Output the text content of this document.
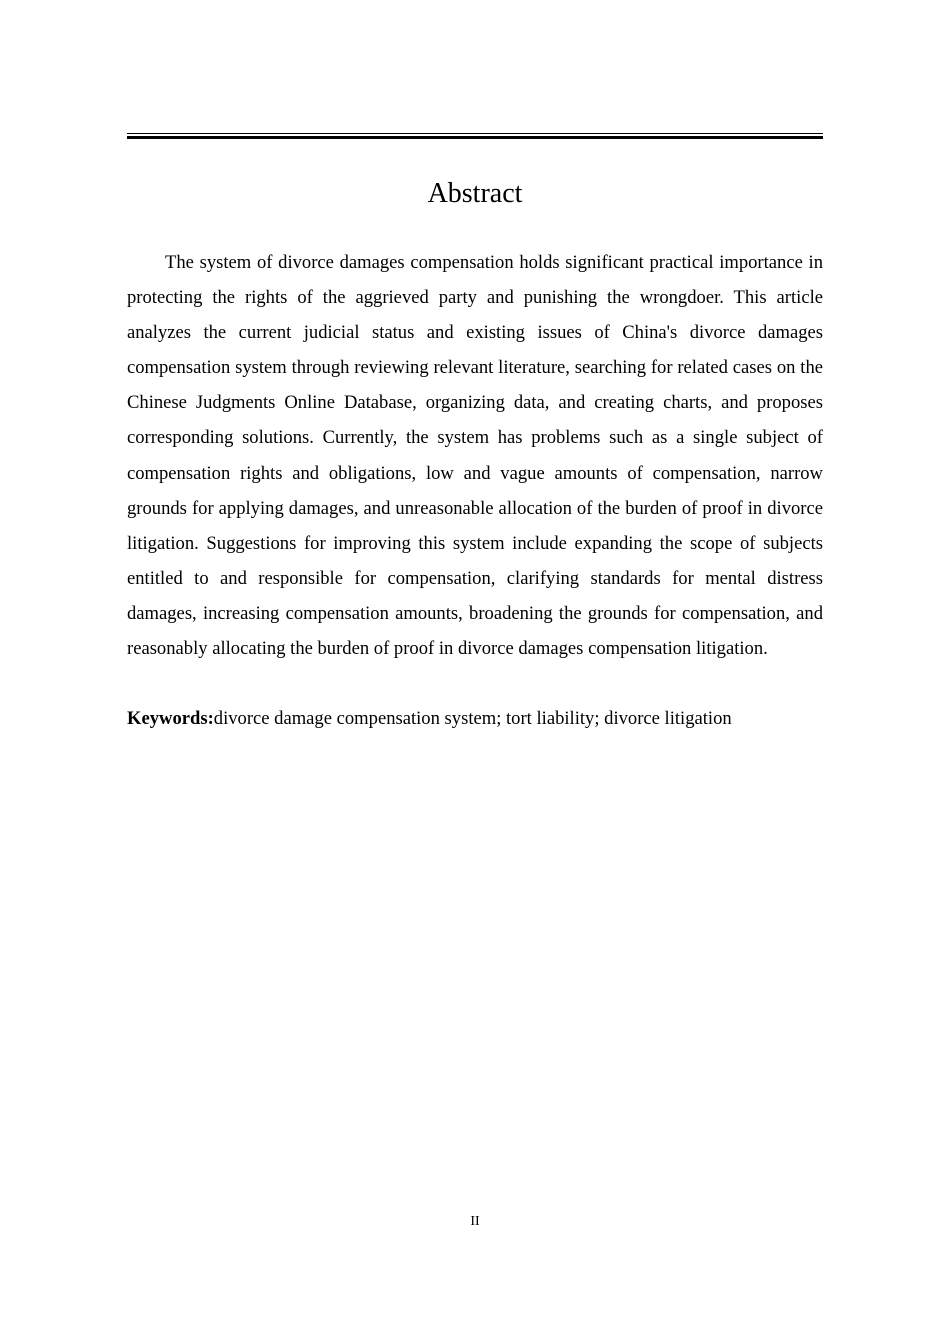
Abstract

The system of divorce damages compensation holds significant practical importance in protecting the rights of the aggrieved party and punishing the wrongdoer. This article analyzes the current judicial status and existing issues of China's divorce damages compensation system through reviewing relevant literature, searching for related cases on the Chinese Judgments Online Database, organizing data, and creating charts, and proposes corresponding solutions. Currently, the system has problems such as a single subject of compensation rights and obligations, low and vague amounts of compensation, narrow grounds for applying damages, and unreasonable allocation of the burden of proof in divorce litigation. Suggestions for improving this system include expanding the scope of subjects entitled to and responsible for compensation, clarifying standards for mental distress damages, increasing compensation amounts, broadening the grounds for compensation, and reasonably allocating the burden of proof in divorce damages compensation litigation.

Keywords:divorce damage compensation system; tort liability; divorce litigation

II
